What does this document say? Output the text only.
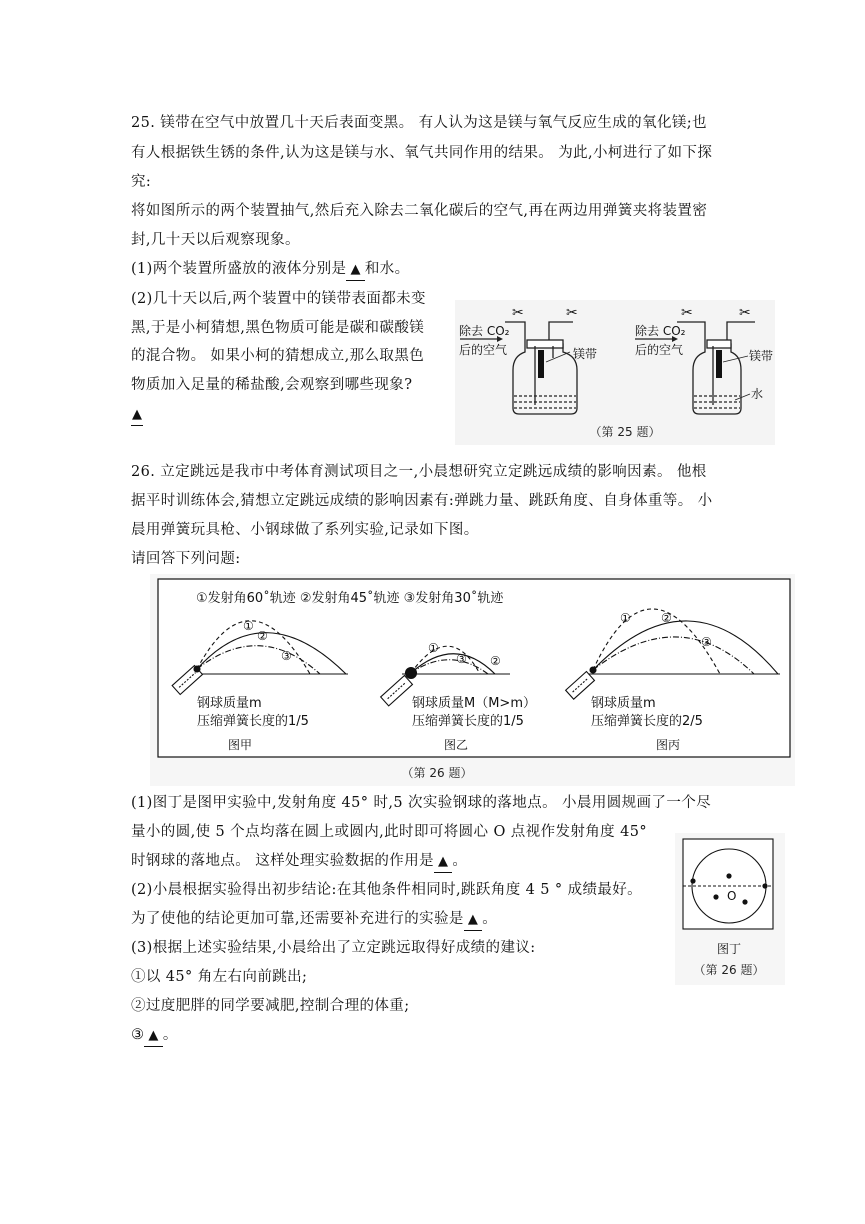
25. 镁带在空气中放置几十天后表面变黑。 有人认为这是镁与氧气反应生成的氧化镁;也
有人根据铁生锈的条件,认为这是镁与水、氧气共同作用的结果。 为此,小柯进行了如下探
究:
将如图所示的两个装置抽气,然后充入除去二氧化碳后的空气,再在两边用弹簧夹将装置密
封,几十天以后观察现象。
(1)两个装置所盛放的液体分别是 ▲ 和水。
(2)几十天以后,两个装置中的镁带表面都未变
黑,于是小柯猜想,黑色物质可能是碳和碳酸镁
的混合物。 如果小柯的猜想成立,那么取黑色
物质加入足量的稀盐酸,会观察到哪些现象?
▲
✂	✂
除去 CO₂
后的空气	镁带
✂	✂
除去 CO₂
后的空气	镁带
水
（第 25 题）
26. 立定跳远是我市中考体育测试项目之一,小晨想研究立定跳远成绩的影响因素。 他根
据平时训练体会,猜想立定跳远成绩的影响因素有:弹跳力量、跳跃角度、自身体重等。 小
晨用弹簧玩具枪、小钢球做了系列实验,记录如下图。
请回答下列问题:
①发射角60˚轨迹 ②发射角45˚轨迹 ③发射角30˚轨迹
①
②
③
钢球质量m
压缩弹簧长度的1/5
图甲
①
③ ②
钢球质量M（M>m）
压缩弹簧长度的1/5
图乙
①	②
③
钢球质量m
压缩弹簧长度的2/5
图丙
（第 26 题）
(1)图丁是图甲实验中,发射角度 45° 时,5 次实验钢球的落地点。 小晨用圆规画了一个尽
量小的圆,使 5 个点均落在圆上或圆内,此时即可将圆心 O 点视作发射角度 45°
时钢球的落地点。 这样处理实验数据的作用是 ▲ 。
(2)小晨根据实验得出初步结论:在其他条件相同时,跳跃角度 4 5 ° 成绩最好。
为了使他的结论更加可靠,还需要补充进行的实验是 ▲ 。
(3)根据上述实验结果,小晨给出了立定跳远取得好成绩的建议:
①以 45° 角左右向前跳出;
②过度肥胖的同学要减肥,控制合理的体重;
③ ▲ 。
O
图丁
（第 26 题）
